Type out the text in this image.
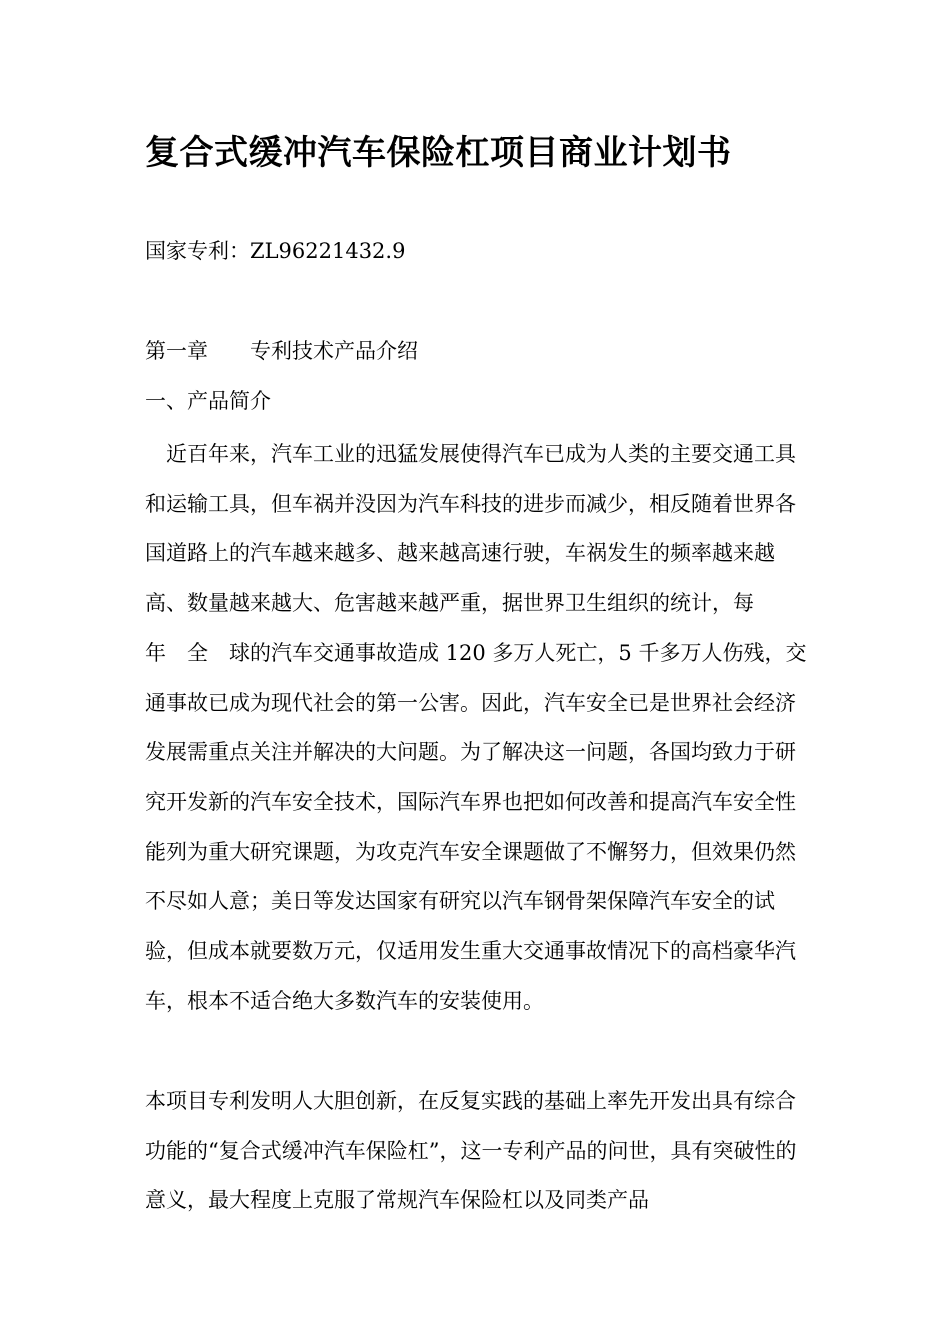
复合式缓冲汽车保险杠项目商业计划书

国家专利：ZL96221432.9

第一章 专利技术产品介绍

一、产品简介

近百年来，汽车工业的迅猛发展使得汽车已成为人类的主要交通工具和运输工具，但车祸并没因为汽车科技的进步而减少，相反随着世界各国道路上的汽车越来越多、越来越高速行驶，车祸发生的频率越来越高、数量越来越大、危害越来越严重，据世界卫生组织的统计，每　　年　全　球的汽车交通事故造成 120 多万人死亡，5 千多万人伤残，交通事故已成为现代社会的第一公害。因此，汽车安全已是世界社会经济发展需重点关注并解决的大问题。为了解决这一问题，各国均致力于研究开发新的汽车安全技术，国际汽车界也把如何改善和提高汽车安全性能列为重大研究课题，为攻克汽车安全课题做了不懈努力，但效果仍然不尽如人意；美日等发达国家有研究以汽车钢骨架保障汽车安全的试验，但成本就要数万元，仅适用发生重大交通事故情况下的高档豪华汽车，根本不适合绝大多数汽车的安装使用。

本项目专利发明人大胆创新，在反复实践的基础上率先开发出具有综合功能的“复合式缓冲汽车保险杠”，这一专利产品的问世，具有突破性的意义，最大程度上克服了常规汽车保险杠以及同类产品
